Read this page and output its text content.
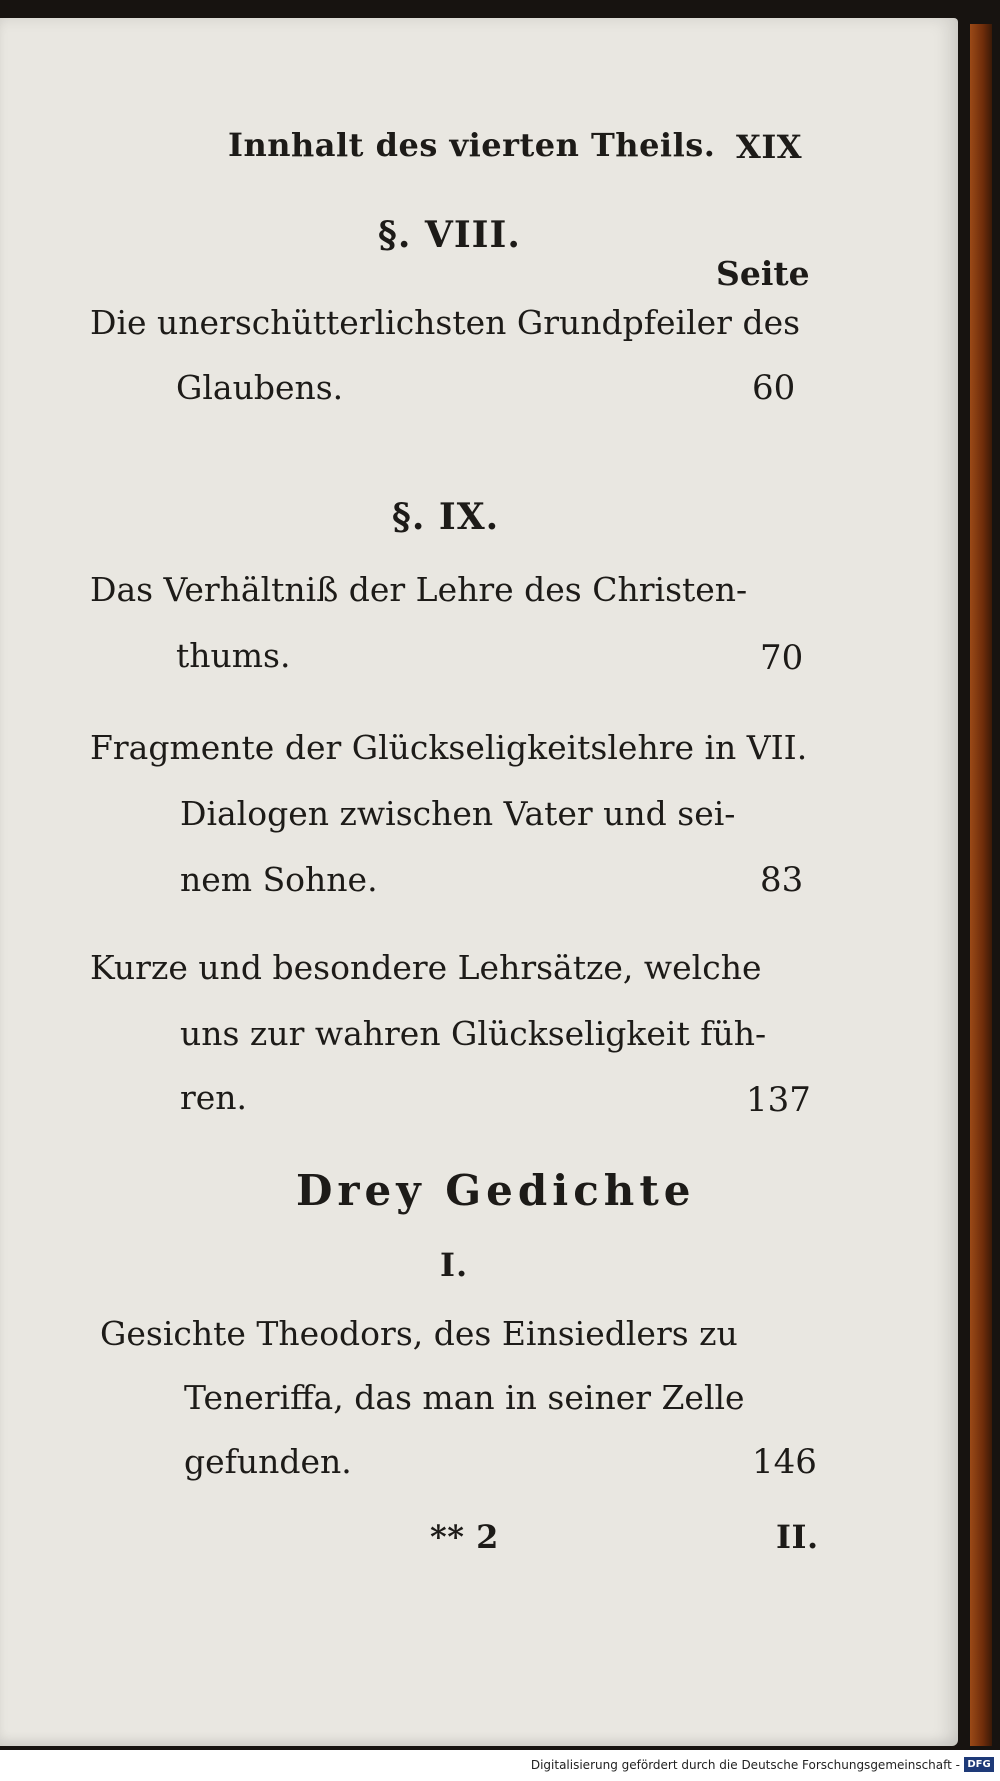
Innhalt des vierten Theils. XIX
§. VIII.
Seite
Die unerschütterlichsten Grundpfeiler des
Glaubens.	60
§. IX.
Das Verhältniß der Lehre des Christen-
thums.	70
Fragmente der Glückseligkeitslehre in VII.
Dialogen zwischen Vater und sei-
nem Sohne.	83
Kurze und besondere Lehrsätze, welche
uns zur wahren Glückseligkeit füh-
ren.	137
Drey Gedichte
I.
Gesichte Theodors, des Einsiedlers zu
Teneriffa, das man in seiner Zelle
gefunden.	146
** 2	II.
Digitalisierung gefördert durch die Deutsche Forschungsgemeinschaft - DFG
